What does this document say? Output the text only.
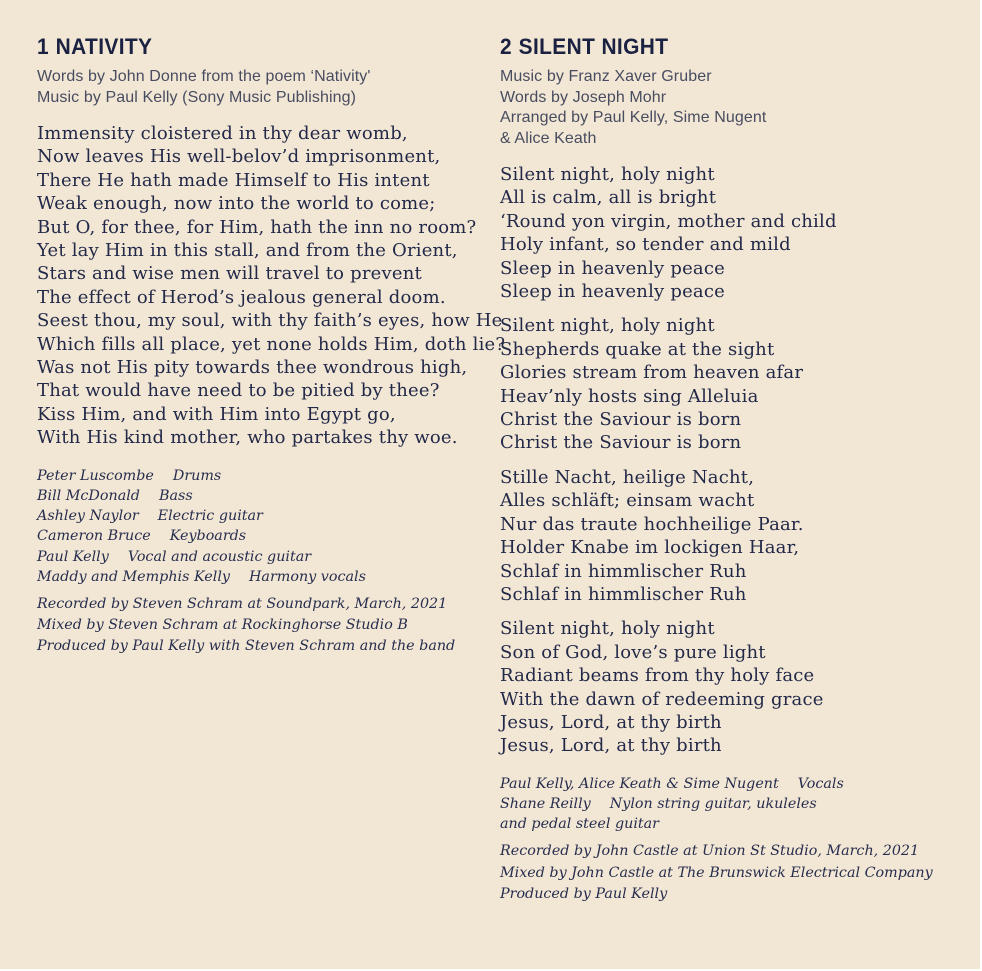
1 NATIVITY
Words by John Donne from the poem ‘Nativity'
Music by Paul Kelly (Sony Music Publishing)
Immensity cloistered in thy dear womb,
Now leaves His well-belov’d imprisonment,
There He hath made Himself to His intent
Weak enough, now into the world to come;
But O, for thee, for Him, hath the inn no room?
Yet lay Him in this stall, and from the Orient,
Stars and wise men will travel to prevent
The effect of Herod’s jealous general doom.
Seest thou, my soul, with thy faith’s eyes, how He
Which fills all place, yet none holds Him, doth lie?
Was not His pity towards thee wondrous high,
That would have need to be pitied by thee?
Kiss Him, and with Him into Egypt go,
With His kind mother, who partakes thy woe.
Peter Luscombe Drums
Bill McDonald Bass
Ashley Naylor Electric guitar
Cameron Bruce Keyboards
Paul Kelly Vocal and acoustic guitar
Maddy and Memphis Kelly Harmony vocals
Recorded by Steven Schram at Soundpark, March, 2021
Mixed by Steven Schram at Rockinghorse Studio B
Produced by Paul Kelly with Steven Schram and the band
2 SILENT NIGHT
Music by Franz Xaver Gruber
Words by Joseph Mohr
Arranged by Paul Kelly, Sime Nugent
& Alice Keath
Silent night, holy night
All is calm, all is bright
‘Round yon virgin, mother and child
Holy infant, so tender and mild
Sleep in heavenly peace
Sleep in heavenly peace
Silent night, holy night
Shepherds quake at the sight
Glories stream from heaven afar
Heav’nly hosts sing Alleluia
Christ the Saviour is born
Christ the Saviour is born
Stille Nacht, heilige Nacht,
Alles schläft; einsam wacht
Nur das traute hochheilige Paar.
Holder Knabe im lockigen Haar,
Schlaf in himmlischer Ruh
Schlaf in himmlischer Ruh
Silent night, holy night
Son of God, love’s pure light
Radiant beams from thy holy face
With the dawn of redeeming grace
Jesus, Lord, at thy birth
Jesus, Lord, at thy birth
Paul Kelly, Alice Keath & Sime Nugent Vocals
Shane Reilly Nylon string guitar, ukuleles
and pedal steel guitar
Recorded by John Castle at Union St Studio, March, 2021
Mixed by John Castle at The Brunswick Electrical Company
Produced by Paul Kelly
